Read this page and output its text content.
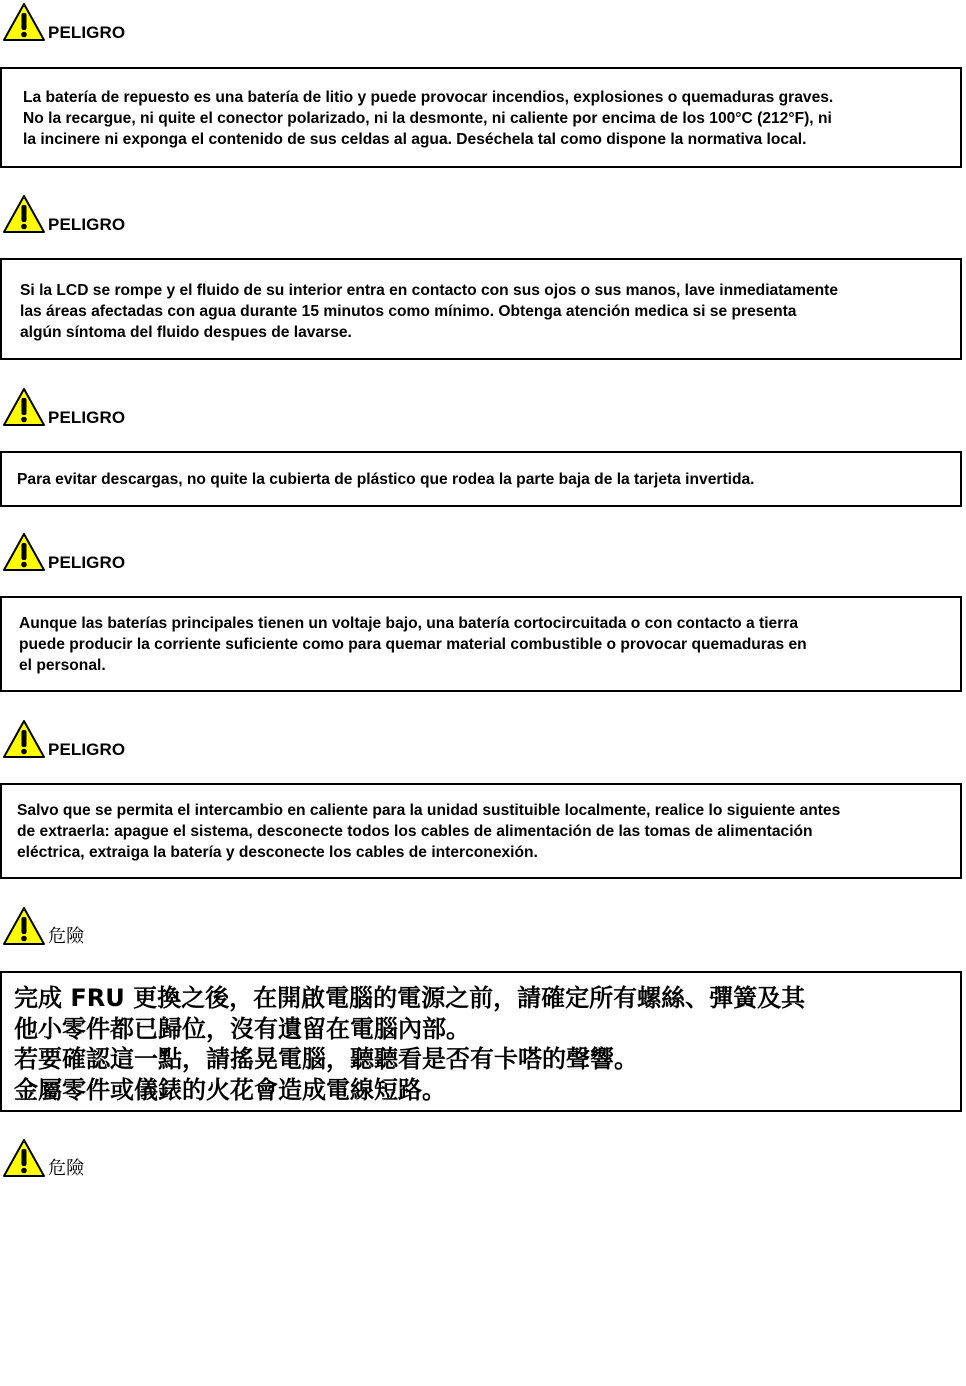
PELIGRO
La batería de repuesto es una batería de litio y puede provocar incendios, explosiones o quemaduras graves.
No la recargue, ni quite el conector polarizado, ni la desmonte, ni caliente por encima de los 100°C (212°F), ni
la incinere ni exponga el contenido de sus celdas al agua. Deséchela tal como dispone la normativa local.
PELIGRO
Si la LCD se rompe y el fluido de su interior entra en contacto con sus ojos o sus manos, lave inmediatamente
las áreas afectadas con agua durante 15 minutos como mínimo. Obtenga atención medica si se presenta
algún síntoma del fluido despues de lavarse.
PELIGRO
Para evitar descargas, no quite la cubierta de plástico que rodea la parte baja de la tarjeta invertida.
PELIGRO
Aunque las baterías principales tienen un voltaje bajo, una batería cortocircuitada o con contacto a tierra
puede producir la corriente suficiente como para quemar material combustible o provocar quemaduras en
el personal.
PELIGRO
Salvo que se permita el intercambio en caliente para la unidad sustituible localmente, realice lo siguiente antes
de extraerla: apague el sistema, desconecte todos los cables de alimentación de las tomas de alimentación
eléctrica, extraiga la batería y desconecte los cables de interconexión.
危險
完成 FRU 更換之後，在開啟電腦的電源之前，請確定所有螺絲、彈簧及其
他小零件都已歸位，沒有遺留在電腦內部。
若要確認這一點，請搖晃電腦，聽聽看是否有卡嗒的聲響。
金屬零件或儀錶的火花會造成電線短路。
危險
